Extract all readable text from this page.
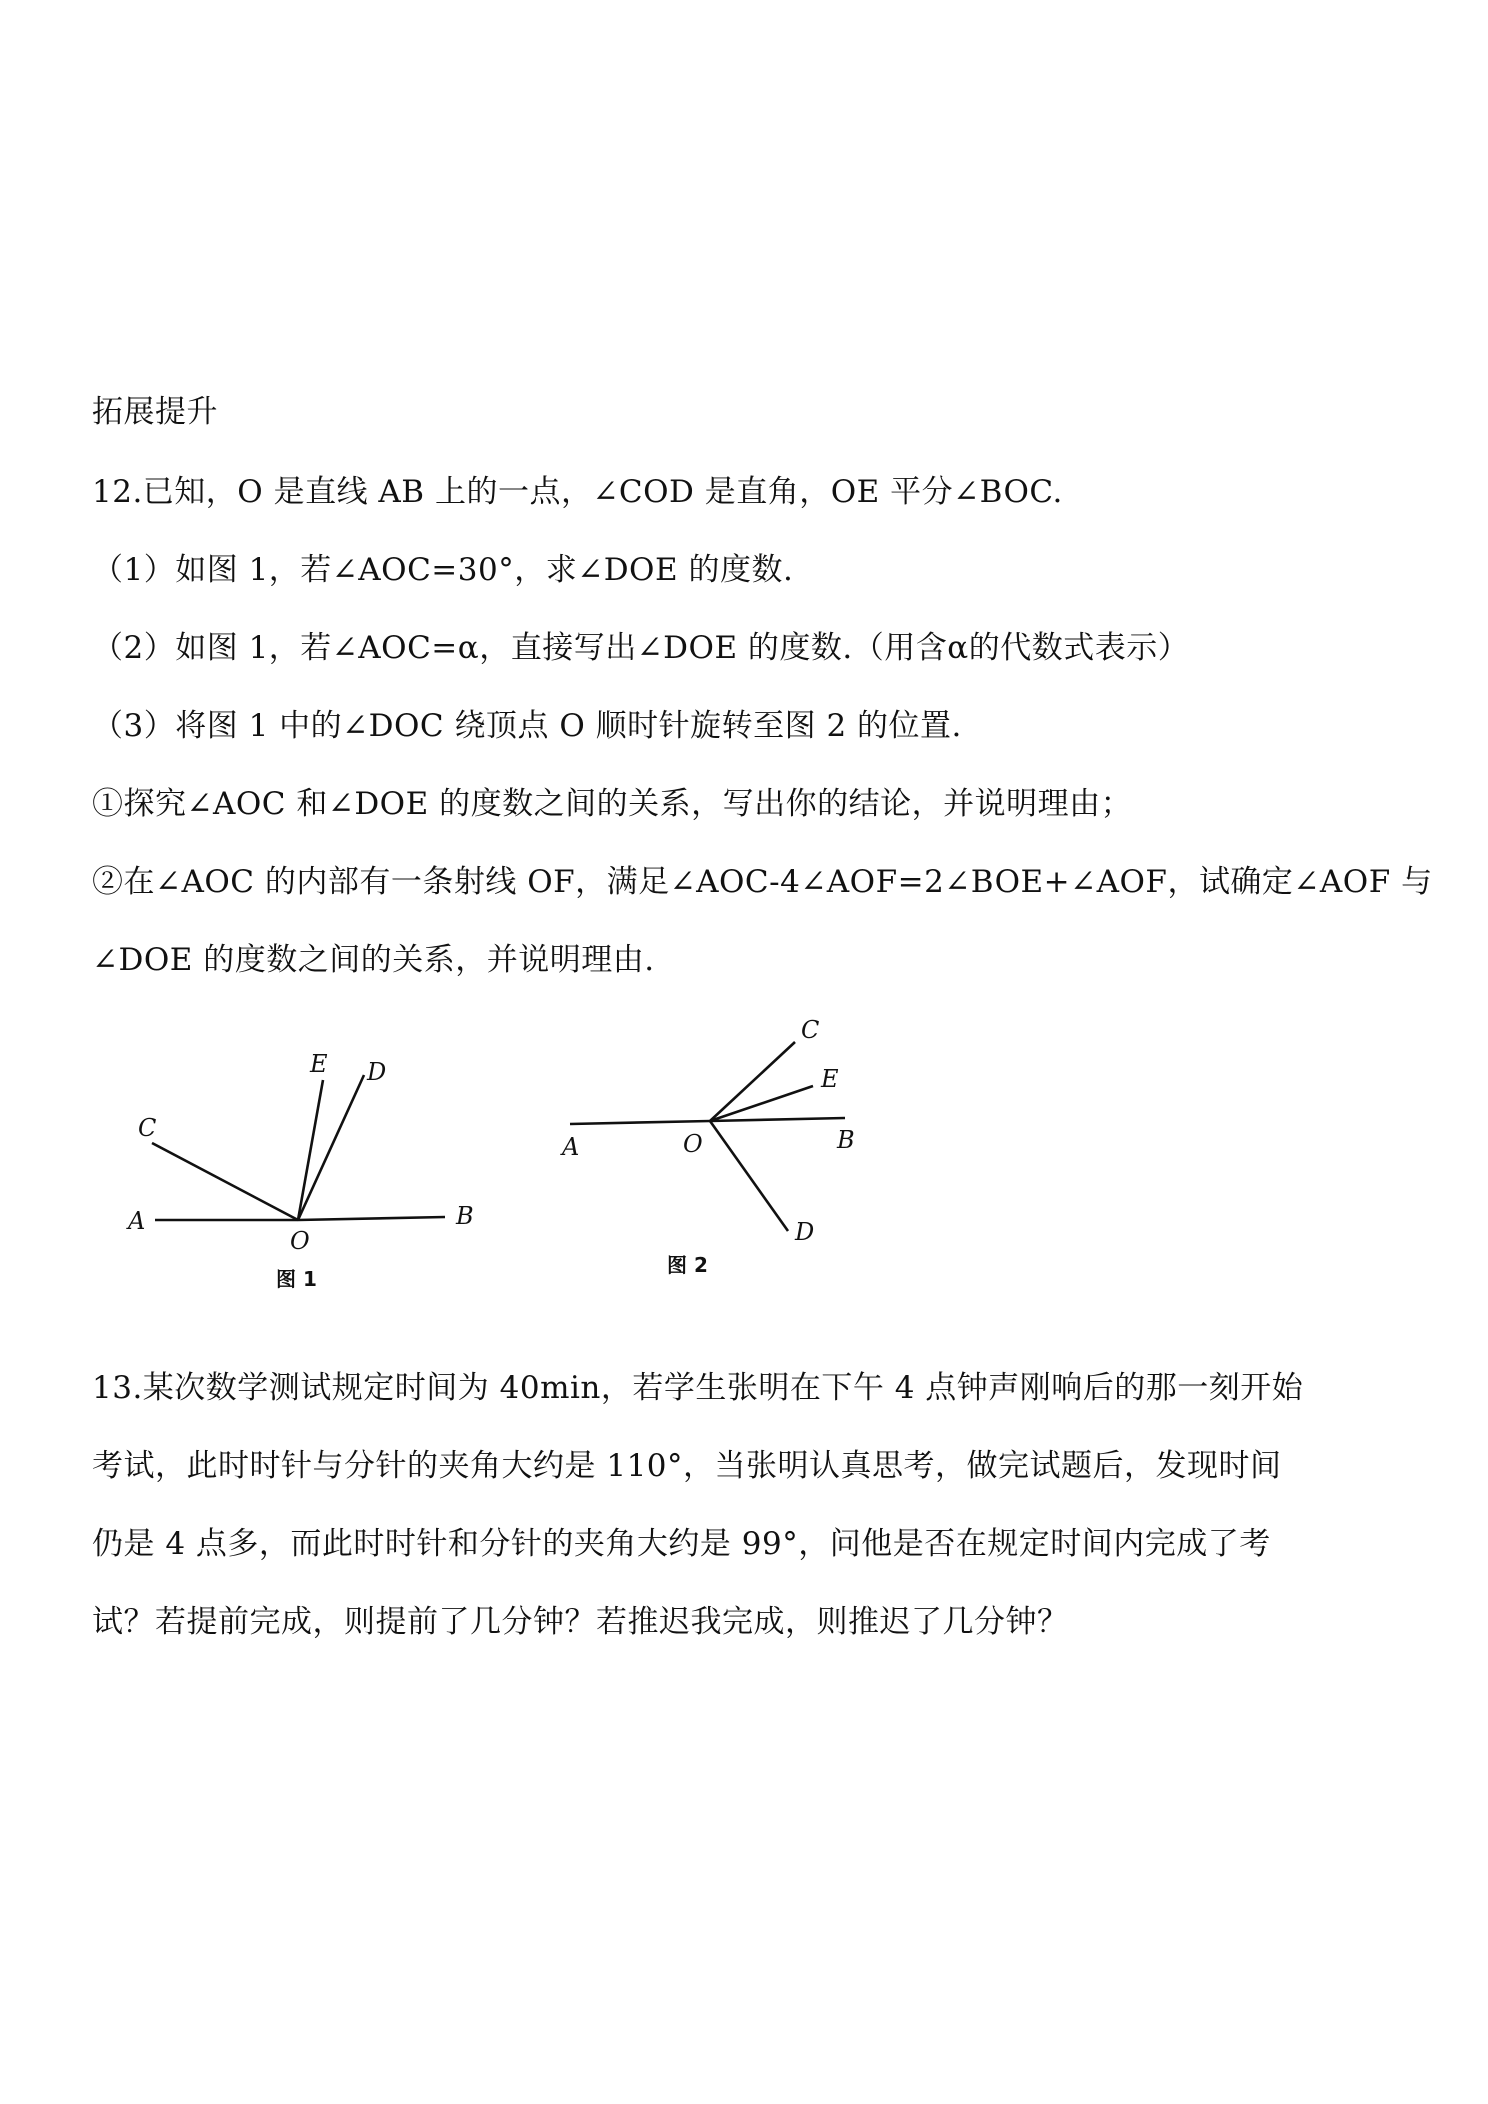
拓展提升
12.已知，O 是直线 AB 上的一点，∠COD 是直角，OE 平分∠BOC.
（1）如图 1，若∠AOC=30°，求∠DOE 的度数.
（2）如图 1，若∠AOC=α，直接写出∠DOE 的度数.（用含α的代数式表示）
（3）将图 1 中的∠DOC 绕顶点 O 顺时针旋转至图 2 的位置.
①探究∠AOC 和∠DOE 的度数之间的关系，写出你的结论，并说明理由；
②在∠AOC 的内部有一条射线 OF，满足∠AOC-4∠AOF=2∠BOE+∠AOF，试确定∠AOF 与
∠DOE 的度数之间的关系，并说明理由.
A
O
B
C
E D
图 1
A	O	B
C
E
D
图 2
13.某次数学测试规定时间为 40min，若学生张明在下午 4 点钟声刚响后的那一刻开始
考试，此时时针与分针的夹角大约是 110°，当张明认真思考，做完试题后，发现时间
仍是 4 点多，而此时时针和分针的夹角大约是 99°，问他是否在规定时间内完成了考
试？若提前完成，则提前了几分钟？若推迟我完成，则推迟了几分钟？
